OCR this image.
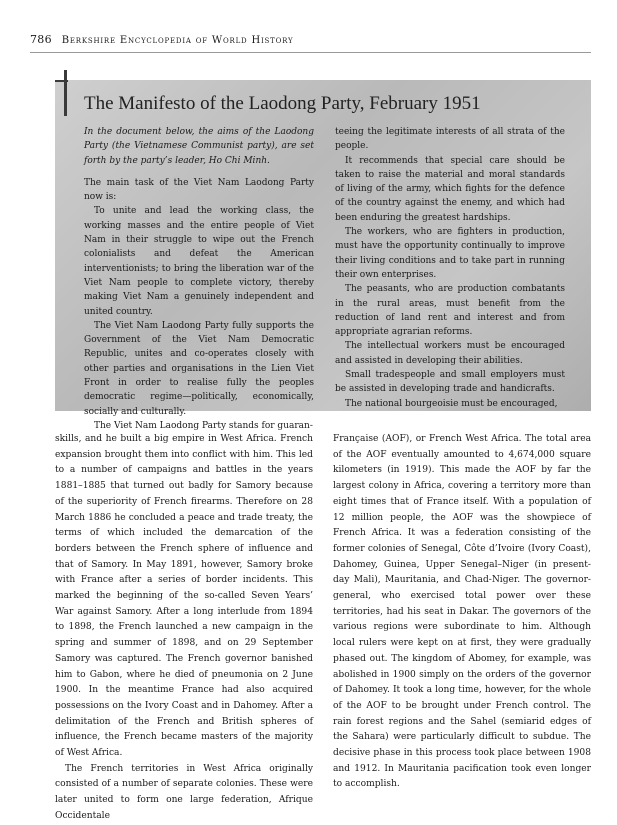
786 Berkshire Encyclopedia of World History
The Manifesto of the Laodong Party, February 1951

In the document below, the aims of the Laodong Party (the Vietnamese Communist party), are set forth by the party’s leader, Ho Chi Minh.

The main task of the Viet Nam Laodong Party now is:

To unite and lead the working class, the working masses and the entire people of Viet Nam in their struggle to wipe out the French colonialists and defeat the American interventionists; to bring the liberation war of the Viet Nam people to complete victory, thereby making Viet Nam a genuinely independent and united country.

The Viet Nam Laodong Party fully supports the Government of the Viet Nam Democratic Republic, unites and co-operates closely with other parties and organisations in the Lien Viet Front in order to realise fully the peoples democratic regime—politically, economically, socially and culturally.

The Viet Nam Laodong Party stands for guaran-

teeing the legitimate interests of all strata of the people.

It recommends that special care should be taken to raise the material and moral standards of living of the army, which fights for the defence of the country against the enemy, and which had been enduring the greatest hardships.

The workers, who are fighters in production, must have the opportunity continually to improve their living conditions and to take part in running their own enterprises.

The peasants, who are production combatants in the rural areas, must benefit from the reduction of land rent and interest and from appropriate agrarian reforms.

The intellectual workers must be encouraged and assisted in developing their abilities.

Small tradespeople and small employers must be assisted in developing trade and handicrafts.

The national bourgeoisie must be encouraged,

skills, and he built a big empire in West Africa. French expansion brought them into conflict with him. This led to a number of campaigns and battles in the years 1881–1885 that turned out badly for Samory because of the superiority of French firearms. Therefore on 28 March 1886 he concluded a peace and trade treaty, the terms of which included the demarcation of the borders between the French sphere of influence and that of Samory. In May 1891, however, Samory broke with France after a series of border incidents. This marked the beginning of the so-called Seven Years’ War against Samory. After a long interlude from 1894 to 1898, the French launched a new campaign in the spring and summer of 1898, and on 29 September Samory was captured. The French governor banished him to Gabon, where he died of pneumonia on 2 June 1900. In the meantime France had also acquired possessions on the Ivory Coast and in Dahomey. After a delimitation of the French and British spheres of influence, the French became masters of the majority of West Africa.

The French territories in West Africa originally consisted of a number of separate colonies. These were later united to form one large federation, Afrique Occidentale

Française (AOF), or French West Africa. The total area of the AOF eventually amounted to 4,674,000 square kilometers (in 1919). This made the AOF by far the largest colony in Africa, covering a territory more than eight times that of France itself. With a population of 12 million people, the AOF was the showpiece of French Africa. It was a federation consisting of the former colonies of Senegal, Côte d’Ivoire (Ivory Coast), Dahomey, Guinea, Upper Senegal–Niger (in present-day Mali), Mauritania, and Chad-Niger. The governor-general, who exercised total power over these territories, had his seat in Dakar. The governors of the various regions were subordinate to him. Although local rulers were kept on at first, they were gradually phased out. The kingdom of Abomey, for example, was abolished in 1900 simply on the orders of the governor of Dahomey. It took a long time, however, for the whole of the AOF to be brought under French control. The rain forest regions and the Sahel (semiarid edges of the Sahara) were particularly difficult to subdue. The decisive phase in this process took place between 1908 and 1912. In Mauritania pacification took even longer to accomplish.
